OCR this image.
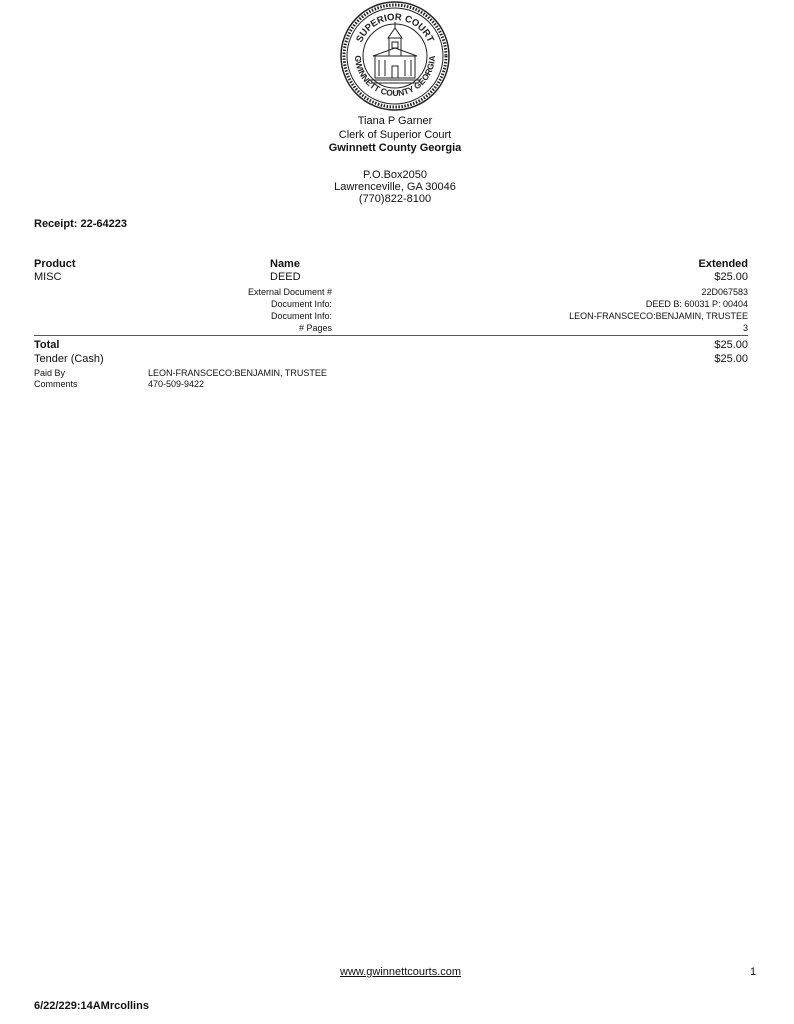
SUPERIOR COURT
GWINNETT COUNTY GEORGIA
Tiana P Garner
Clerk of Superior Court
Gwinnett County Georgia
P.O.Box2050
Lawrenceville, GA 30046
(770)822-8100
Receipt: 22-64223
Product	Name	Extended
MISC	DEED	$25.00
External Document #	22D067583
Document Info:	DEED B: 60031 P: 00404
Document Info:	LEON-FRANSCECO:BENJAMIN, TRUSTEE
# Pages	3
Total	$25.00
Tender (Cash)	$25.00
Paid By	LEON-FRANSCECO:BENJAMIN, TRUSTEE
Comments	470-509-9422
www.gwinnettcourts.com	1
6/22/229:14AMrcollins
